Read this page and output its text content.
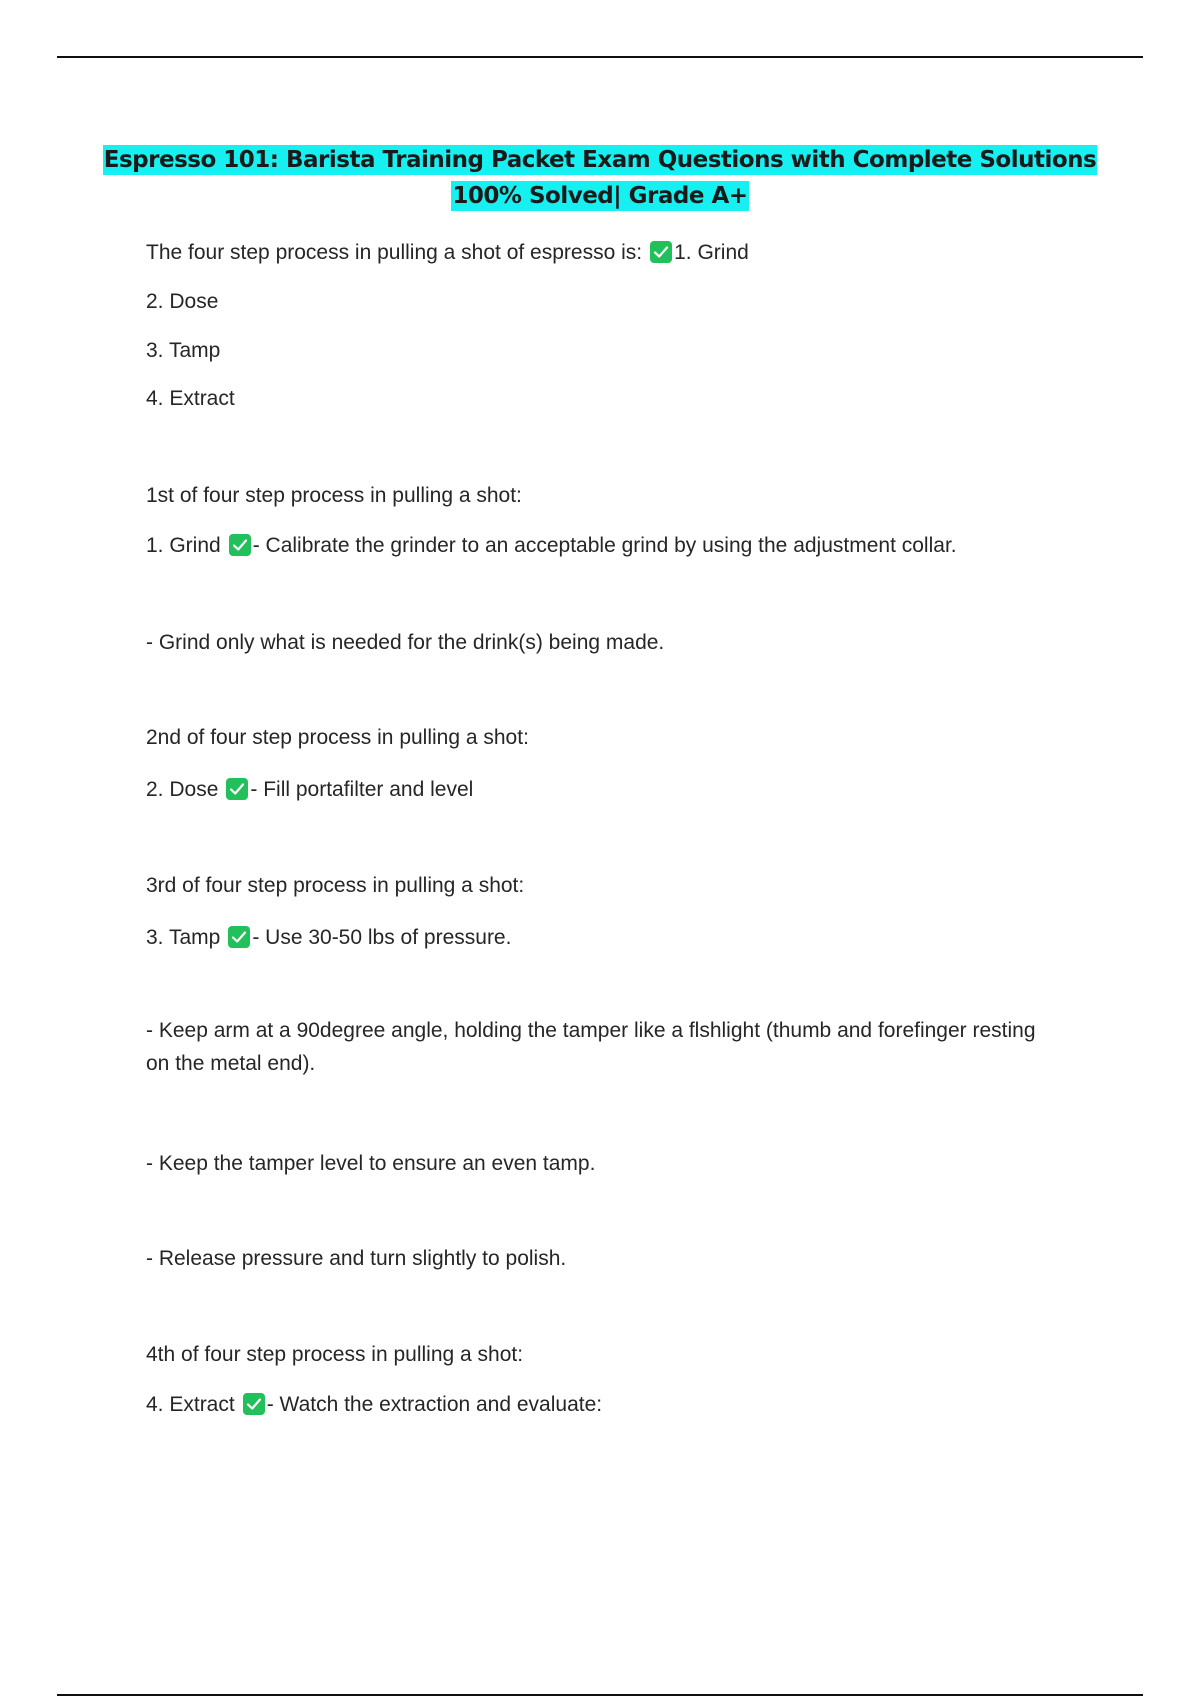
Espresso 101: Barista Training Packet Exam Questions with Complete Solutions
100% Solved| Grade A+
The four step process in pulling a shot of espresso is: 1. Grind
2. Dose
3. Tamp
4. Extract
1st of four step process in pulling a shot:
1. Grind - Calibrate the grinder to an acceptable grind by using the adjustment collar.
- Grind only what is needed for the drink(s) being made.
2nd of four step process in pulling a shot:
2. Dose - Fill portafilter and level
3rd of four step process in pulling a shot:
3. Tamp - Use 30-50 lbs of pressure.
- Keep arm at a 90degree angle, holding the tamper like a flshlight (thumb and forefinger resting on the metal end).
- Keep the tamper level to ensure an even tamp.
- Release pressure and turn slightly to polish.
4th of four step process in pulling a shot:
4. Extract - Watch the extraction and evaluate:
